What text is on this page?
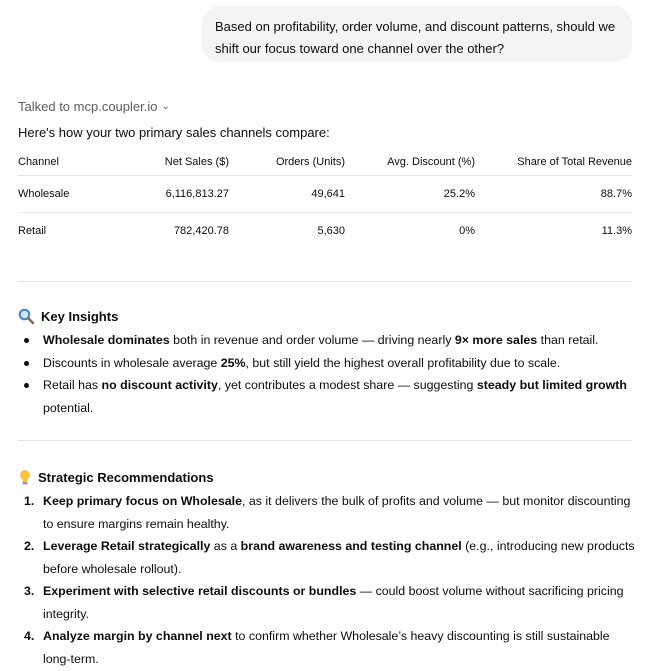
Based on profitability, order volume, and discount patterns, should we shift our focus toward one channel over the other?
Talked to mcp.coupler.io ⌄
Here's how your two primary sales channels compare:
Channel	Net Sales ($)	Orders (Units)	Avg. Discount (%)	Share of Total Revenue
Wholesale	6,116,813.27	49,641	25.2%	88.7%
Retail	782,420.78	5,630	0%	11.3%
Key Insights
Wholesale dominates both in revenue and order volume — driving nearly 9× more sales than retail.
Discounts in wholesale average 25%, but still yield the highest overall profitability due to scale.
Retail has no discount activity, yet contributes a modest share — suggesting steady but limited growth potential.
Strategic Recommendations
1. Keep primary focus on Wholesale, as it delivers the bulk of profits and volume — but monitor discounting to ensure margins remain healthy.
2. Leverage Retail strategically as a brand awareness and testing channel (e.g., introducing new products before wholesale rollout).
3. Experiment with selective retail discounts or bundles — could boost volume without sacrificing pricing integrity.
4. Analyze margin by channel next to confirm whether Wholesale’s heavy discounting is still sustainable long-term.
